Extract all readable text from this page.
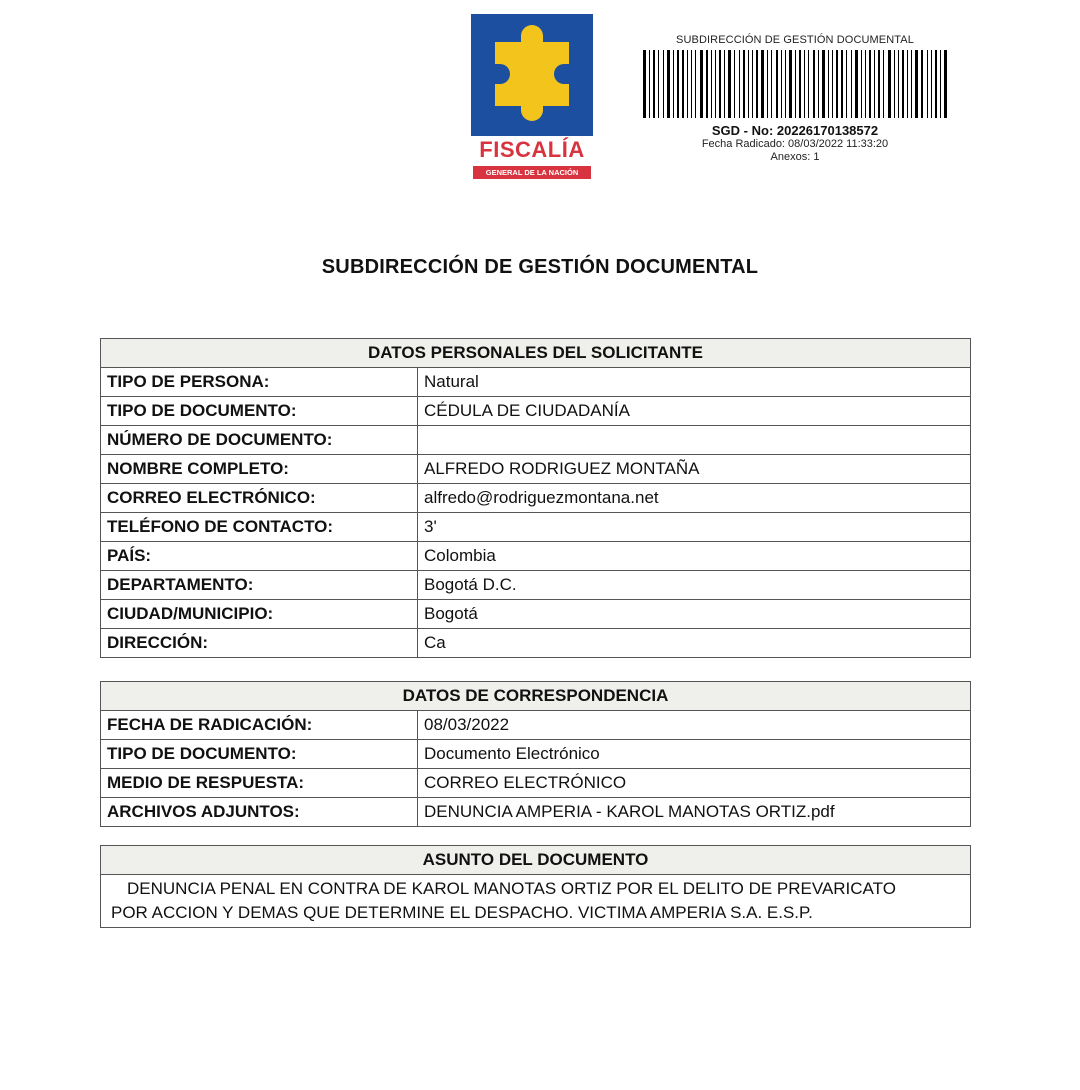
FISCALÍA
GENERAL DE LA NACIÓN
SUBDIRECCIÓN DE GESTIÓN DOCUMENTAL
SGD - No: 20226170138572
Fecha Radicado: 08/03/2022 11:33:20
Anexos: 1
SUBDIRECCIÓN DE GESTIÓN DOCUMENTAL
DATOS PERSONALES DEL SOLICITANTE	
TIPO DE PERSONA:	Natural
TIPO DE DOCUMENTO:	CÉDULA DE CIUDADANÍA
NÚMERO DE DOCUMENTO:	
NOMBRE COMPLETO:	ALFREDO RODRIGUEZ MONTAÑA
CORREO ELECTRÓNICO:	alfredo@rodriguezmontana.net
TELÉFONO DE CONTACTO:	3'
PAÍS:	Colombia
DEPARTAMENTO:	Bogotá D.C.
CIUDAD/MUNICIPIO:	Bogotá
DIRECCIÓN:	Ca
DATOS DE CORRESPONDENCIA	
FECHA DE RADICACIÓN:	08/03/2022
TIPO DE DOCUMENTO:	Documento Electrónico
MEDIO DE RESPUESTA:	CORREO ELECTRÓNICO
ARCHIVOS ADJUNTOS:	DENUNCIA AMPERIA - KAROL MANOTAS ORTIZ.pdf
ASUNTO DEL DOCUMENTO

DENUNCIA PENAL EN CONTRA DE KAROL MANOTAS ORTIZ POR EL DELITO DE PREVARICATO
POR ACCION Y DEMAS QUE DETERMINE EL DESPACHO. VICTIMA AMPERIA S.A. E.S.P.
